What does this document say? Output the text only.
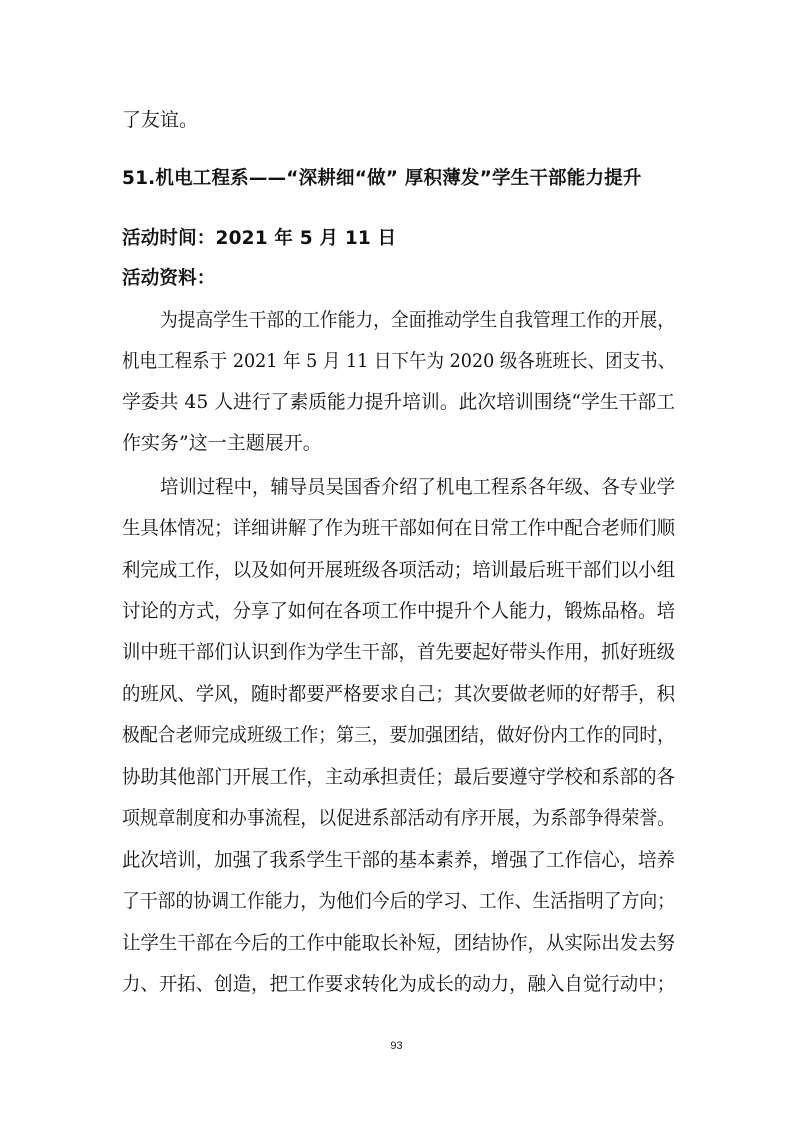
了友谊。
51.机电工程系——“深耕细“做” 厚积薄发”学生干部能力提升
活动时间：2021 年 5 月 11 日
活动资料：
为提高学生干部的工作能力，全面推动学生自我管理工作的开展，
机电工程系于 2021 年 5 月 11 日下午为 2020 级各班班长、团支书、
学委共 45 人进行了素质能力提升培训。此次培训围绕“学生干部工
作实务”这一主题展开。
培训过程中，辅导员吴国香介绍了机电工程系各年级、各专业学
生具体情况；详细讲解了作为班干部如何在日常工作中配合老师们顺
利完成工作，以及如何开展班级各项活动；培训最后班干部们以小组
讨论的方式，分享了如何在各项工作中提升个人能力，锻炼品格。培
训中班干部们认识到作为学生干部，首先要起好带头作用，抓好班级
的班风、学风，随时都要严格要求自己；其次要做老师的好帮手，积
极配合老师完成班级工作；第三，要加强团结，做好份内工作的同时，
协助其他部门开展工作，主动承担责任；最后要遵守学校和系部的各
项规章制度和办事流程，以促进系部活动有序开展，为系部争得荣誉。
此次培训，加强了我系学生干部的基本素养，增强了工作信心，培养
了干部的协调工作能力，为他们今后的学习、工作、生活指明了方向；
让学生干部在今后的工作中能取长补短，团结协作，从实际出发去努
力、开拓、创造，把工作要求转化为成长的动力，融入自觉行动中；
93
